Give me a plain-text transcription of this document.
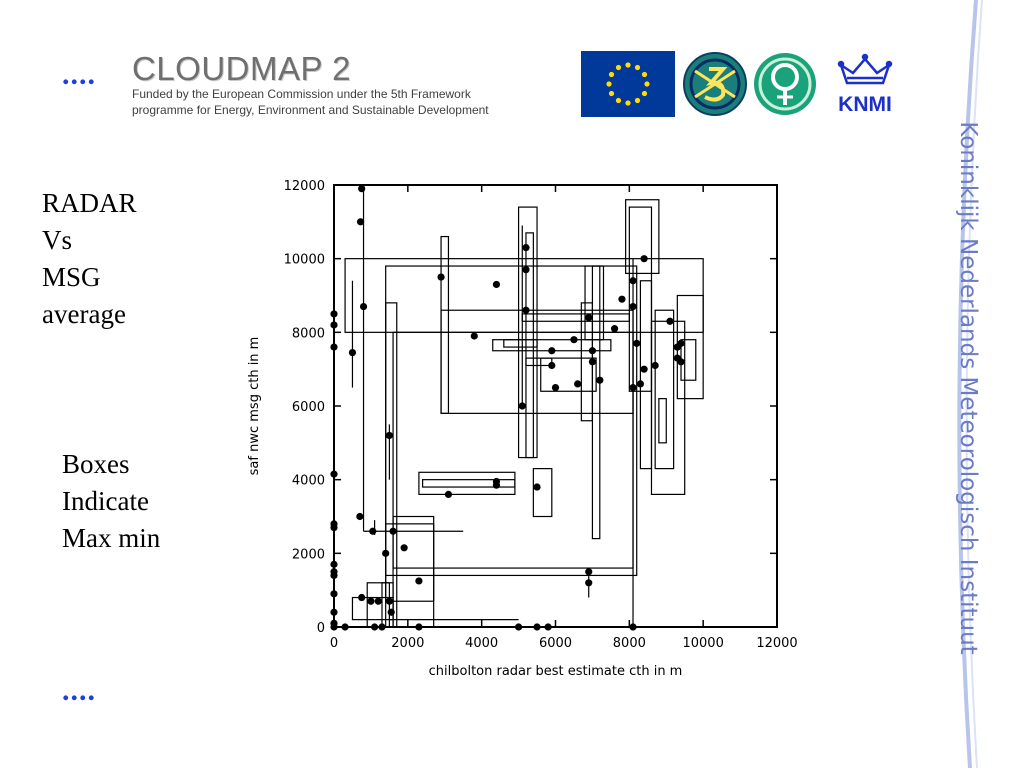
....
....
CLOUDMAP 2
Funded by the European Commission under the 5th Framework
programme for Energy, Environment and Sustainable Development	KNMI
RADAR
Vs
MSG
average
Boxes
Indicate
Max min	Koninklijk Nederlands Meteorologisch Instituut
0	2000	4000	6000	8000	10000 12000
0
2000
4000
6000
8000
10000
12000
chilbolton radar best estimate cth in m
saf nwc msg cth in m
